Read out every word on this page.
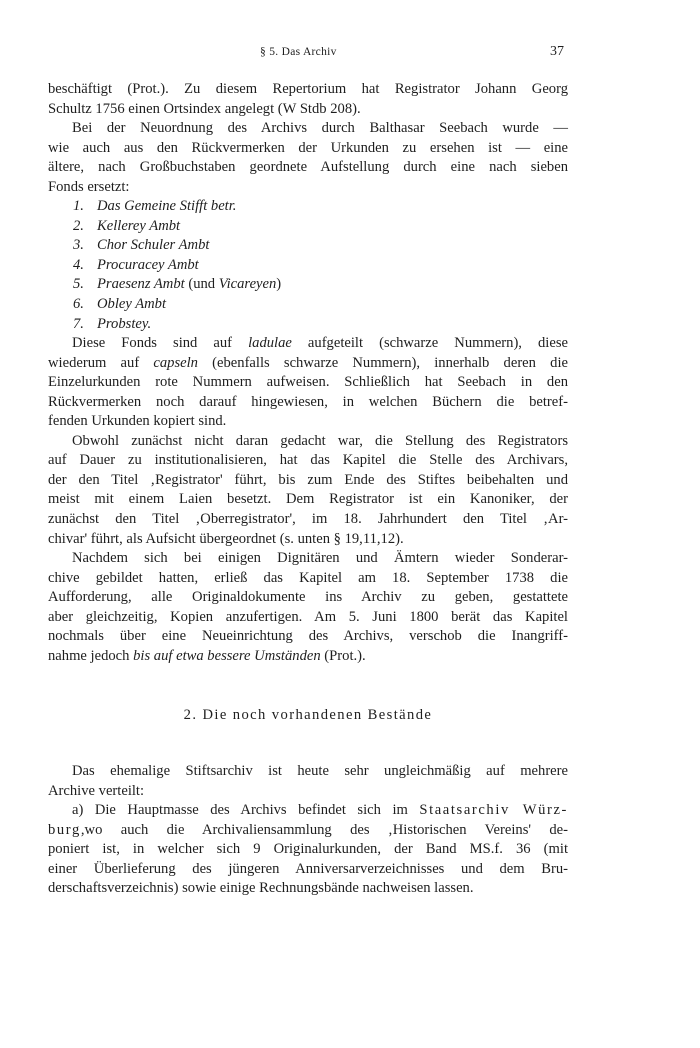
§ 5. Das Archiv	37
beschäftigt (Prot.). Zu diesem Repertorium hat Registrator Johann Georg
Schultz 1756 einen Ortsindex angelegt (W Stdb 208).
Bei der Neuordnung des Archivs durch Balthasar Seebach wurde —
wie auch aus den Rückvermerken der Urkunden zu ersehen ist — eine
ältere, nach Großbuchstaben geordnete Aufstellung durch eine nach sieben
Fonds ersetzt:
1. Das Gemeine Stifft betr.
2. Kellerey Ambt
3. Chor Schuler Ambt
4. Procuracey Ambt
5. Praesenz Ambt (und Vicareyen)
6. Obley Ambt
7. Probstey.
Diese Fonds sind auf ladulae aufgeteilt (schwarze Nummern), diese
wiederum auf capseln (ebenfalls schwarze Nummern), innerhalb deren die
Einzelurkunden rote Nummern aufweisen. Schließlich hat Seebach in den
Rückvermerken noch darauf hingewiesen, in welchen Büchern die betref-
fenden Urkunden kopiert sind.
Obwohl zunächst nicht daran gedacht war, die Stellung des Registrators
auf Dauer zu institutionalisieren, hat das Kapitel die Stelle des Archivars,
der den Titel ‚Registrator' führt, bis zum Ende des Stiftes beibehalten und
meist mit einem Laien besetzt. Dem Registrator ist ein Kanoniker, der
zunächst den Titel ‚Oberregistrator', im 18. Jahrhundert den Titel ‚Ar-
chivar' führt, als Aufsicht übergeordnet (s. unten § 19,11,12).
Nachdem sich bei einigen Dignitären und Ämtern wieder Sonderar-
chive gebildet hatten, erließ das Kapitel am 18. September 1738 die
Aufforderung, alle Originaldokumente ins Archiv zu geben, gestattete
aber gleichzeitig, Kopien anzufertigen. Am 5. Juni 1800 berät das Kapitel
nochmals über eine Neueinrichtung des Archivs, verschob die Inangriff-
nahme jedoch bis auf etwa bessere Umständen (Prot.).
2. Die noch vorhandenen Bestände
Das ehemalige Stiftsarchiv ist heute sehr ungleichmäßig auf mehrere
Archive verteilt:
a) Die Hauptmasse des Archivs befindet sich im Staatsarchiv Würz-
burg,wo auch die Archivaliensammlung des ‚Historischen Vereins' de-
poniert ist, in welcher sich 9 Originalurkunden, der Band MS.f. 36 (mit
einer Überlieferung des jüngeren Anniversarverzeichnisses und dem Bru-
derschaftsverzeichnis) sowie einige Rechnungsbände nachweisen lassen.
